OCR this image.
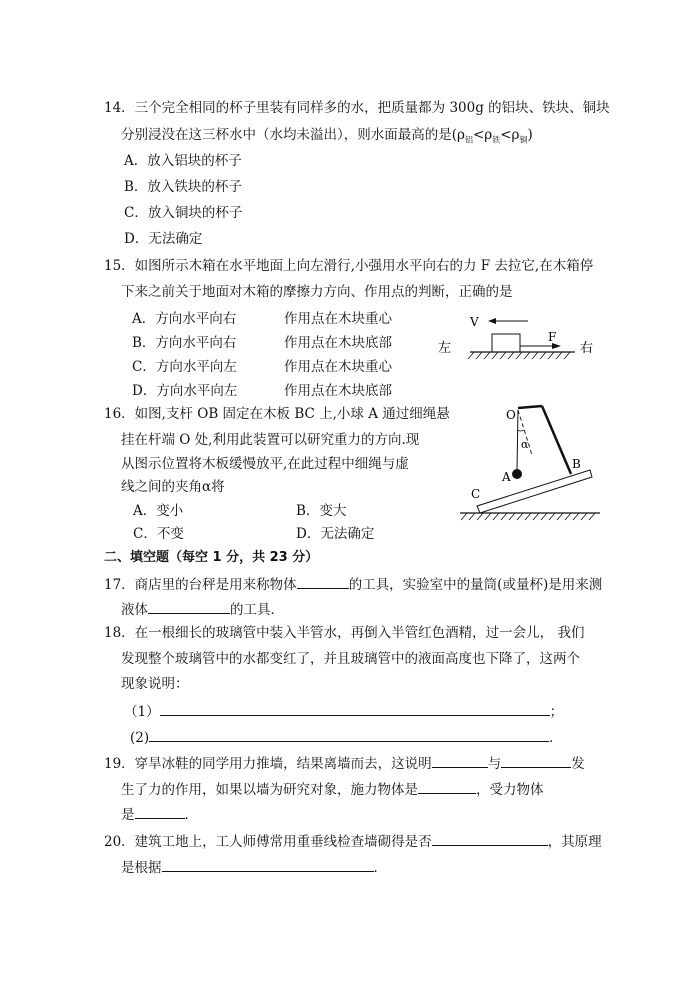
14．三个完全相同的杯子里装有同样多的水，把质量都为 300g 的铝块、铁块、铜块
分别浸没在这三杯水中（水均未溢出），则水面最高的是$(\rho_铝<\rho_铁<\rho_铜)$
A．放入铝块的杯子
B．放入铁块的杯子
C．放入铜块的杯子
D．无法确定
15．如图所示木箱在水平地面上向左滑行,小强用水平向右的力 F 去拉它,在木箱停
下来之前关于地面对木箱的摩擦力方向、作用点的判断，正确的是
A．方向水平向右	作用点在木块重心
B．方向水平向右	作用点在木块底部
C．方向水平向左	作用点在木块重心
D．方向水平向左	作用点在木块底部
V
F
左	右
16．如图,支杆 OB 固定在木板 BC 上,小球 A 通过细绳悬
挂在杆端 O 处,利用此装置可以研究重力的方向.现
从图示位置将木板缓慢放平,在此过程中细绳与虚
线之间的夹角α将
A．变小	B．变大
C．不变	D．无法确定
O
α
A
B
C
二、填空题（每空 1 分，共 23 分）
17．商店里的台秤是用来称物体	的工具，实验室中的量筒(或量杯)是用来测
液体	的工具．
18．在一根细长的玻璃管中装入半管水，再倒入半管红色酒精，过一会儿， 我们
发现整个玻璃管中的水都变红了，并且玻璃管中的液面高度也下降了，这两个
现象说明：
（1）	；
(2)	．
19．穿旱冰鞋的同学用力推墙，结果离墙而去，这说明	与	发
生了力的作用，如果以墙为研究对象，施力物体是	，受力物体
是	．
20．建筑工地上，工人师傅常用重垂线检查墙砌得是否	，其原理
是根据	．
